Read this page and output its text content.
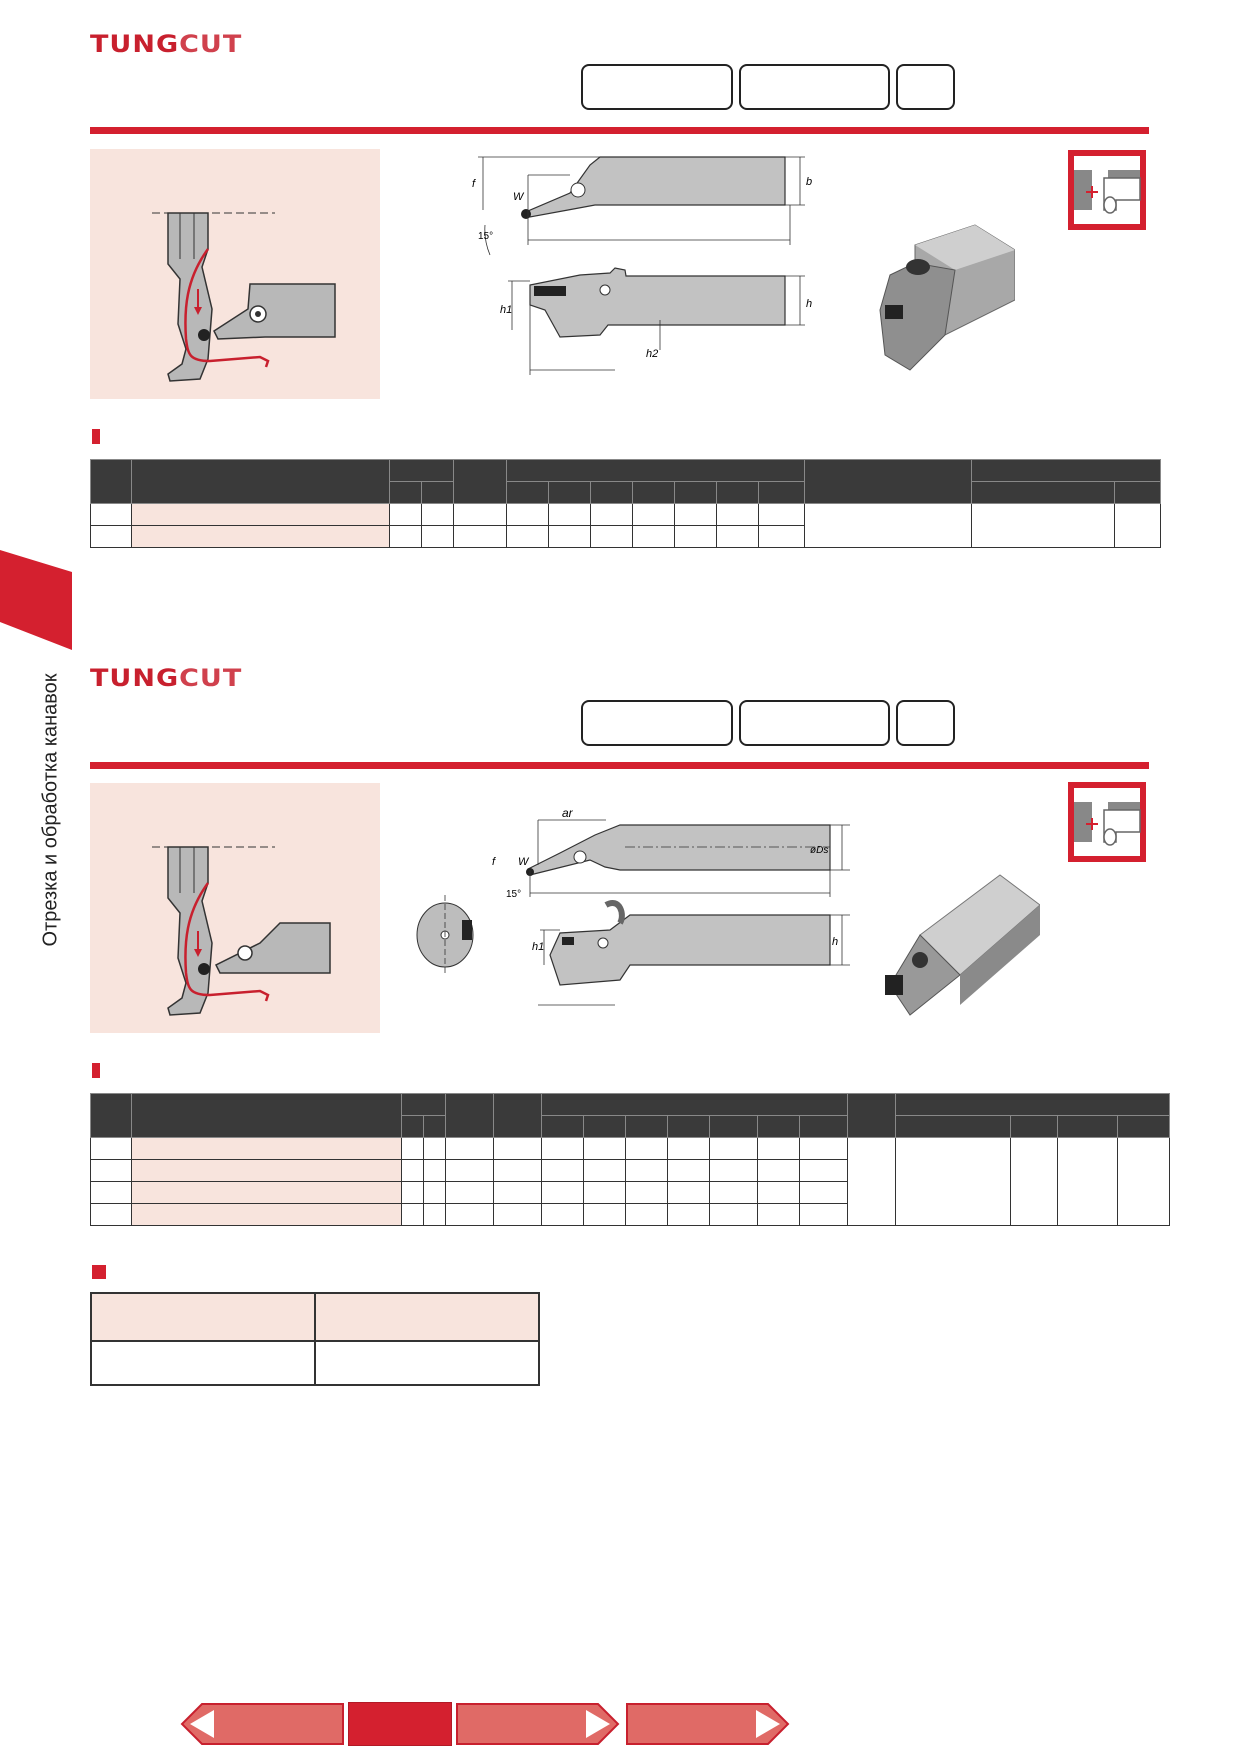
TUNGCUT
f
W
b
15°
h1	h
h2

Отрезка и обработка канавок TUNGCUT
ar
f W
øDs
15°
h1	h
